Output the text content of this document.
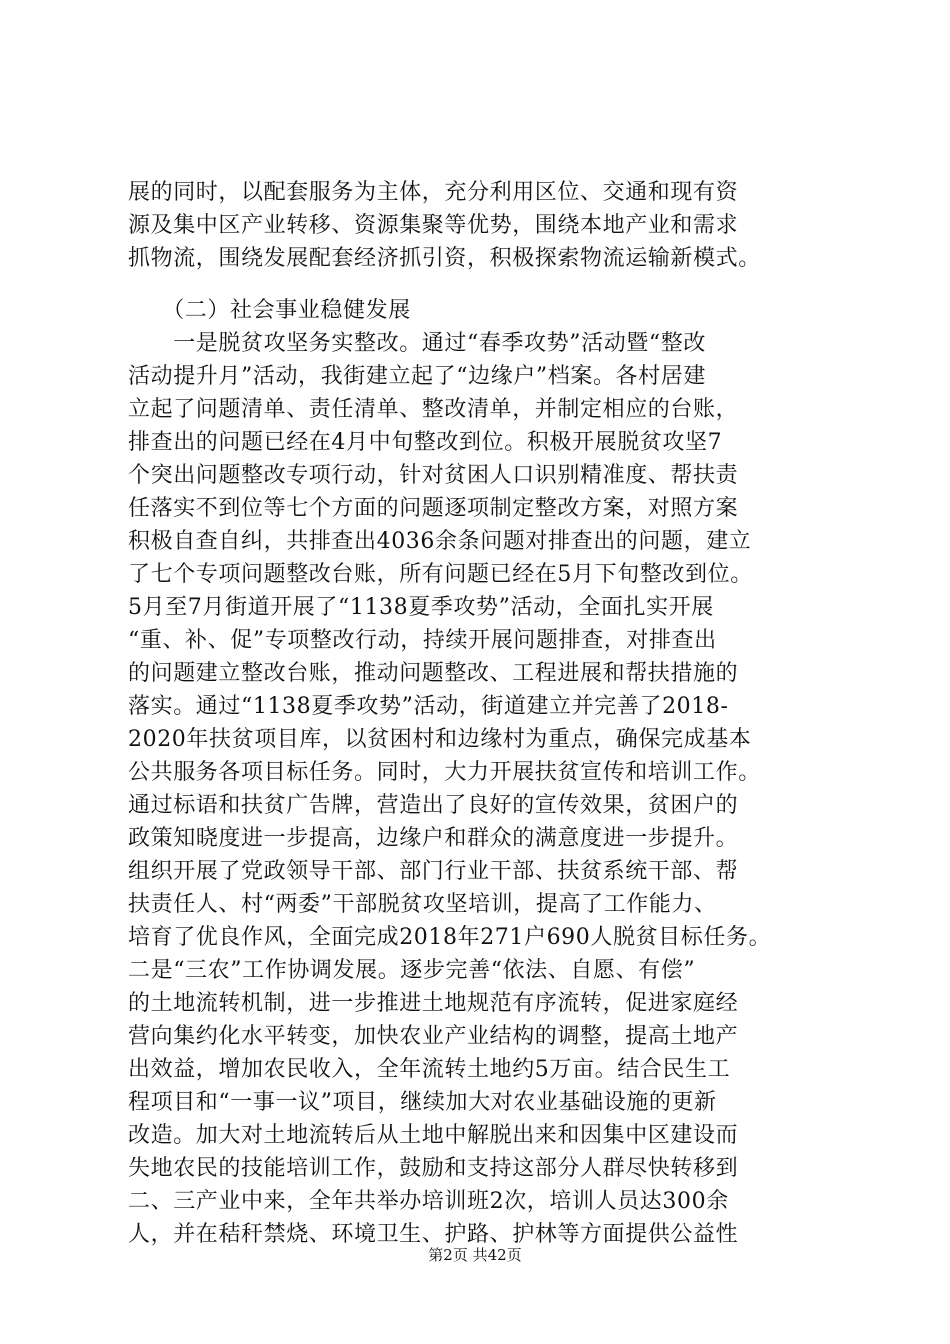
展的同时，以配套服务为主体，充分利用区位、交通和现有资
源及集中区产业转移、资源集聚等优势，围绕本地产业和需求
抓物流，围绕发展配套经济抓引资，积极探索物流运输新模式。
　　（二）社会事业稳健发展
　　一是脱贫攻坚务实整改。通过“春季攻势”活动暨“整改
活动提升月”活动，我街建立起了“边缘户”档案。各村居建
立起了问题清单、责任清单、整改清单，并制定相应的台账，
排查出的问题已经在4月中旬整改到位。积极开展脱贫攻坚7
个突出问题整改专项行动，针对贫困人口识别精准度、帮扶责
任落实不到位等七个方面的问题逐项制定整改方案，对照方案
积极自查自纠，共排查出4036余条问题对排查出的问题，建立
了七个专项问题整改台账，所有问题已经在5月下旬整改到位。
5月至7月街道开展了“1138夏季攻势”活动，全面扎实开展
“重、补、促”专项整改行动，持续开展问题排查，对排查出
的问题建立整改台账，推动问题整改、工程进展和帮扶措施的
落实。通过“1138夏季攻势”活动，街道建立并完善了2018-
2020年扶贫项目库，以贫困村和边缘村为重点，确保完成基本
公共服务各项目标任务。同时，大力开展扶贫宣传和培训工作。
通过标语和扶贫广告牌，营造出了良好的宣传效果，贫困户的
政策知晓度进一步提高，边缘户和群众的满意度进一步提升。
组织开展了党政领导干部、部门行业干部、扶贫系统干部、帮
扶责任人、村“两委”干部脱贫攻坚培训，提高了工作能力、
培育了优良作风，全面完成2018年271户690人脱贫目标任务。
二是“三农”工作协调发展。逐步完善“依法、自愿、有偿”
的土地流转机制，进一步推进土地规范有序流转，促进家庭经
营向集约化水平转变，加快农业产业结构的调整，提高土地产
出效益，增加农民收入，全年流转土地约5万亩。结合民生工
程项目和“一事一议”项目，继续加大对农业基础设施的更新
改造。加大对土地流转后从土地中解脱出来和因集中区建设而
失地农民的技能培训工作，鼓励和支持这部分人群尽快转移到
二、三产业中来，全年共举办培训班2次，培训人员达300余
人，并在秸秆禁烧、环境卫生、护路、护林等方面提供公益性
第2页 共42页
